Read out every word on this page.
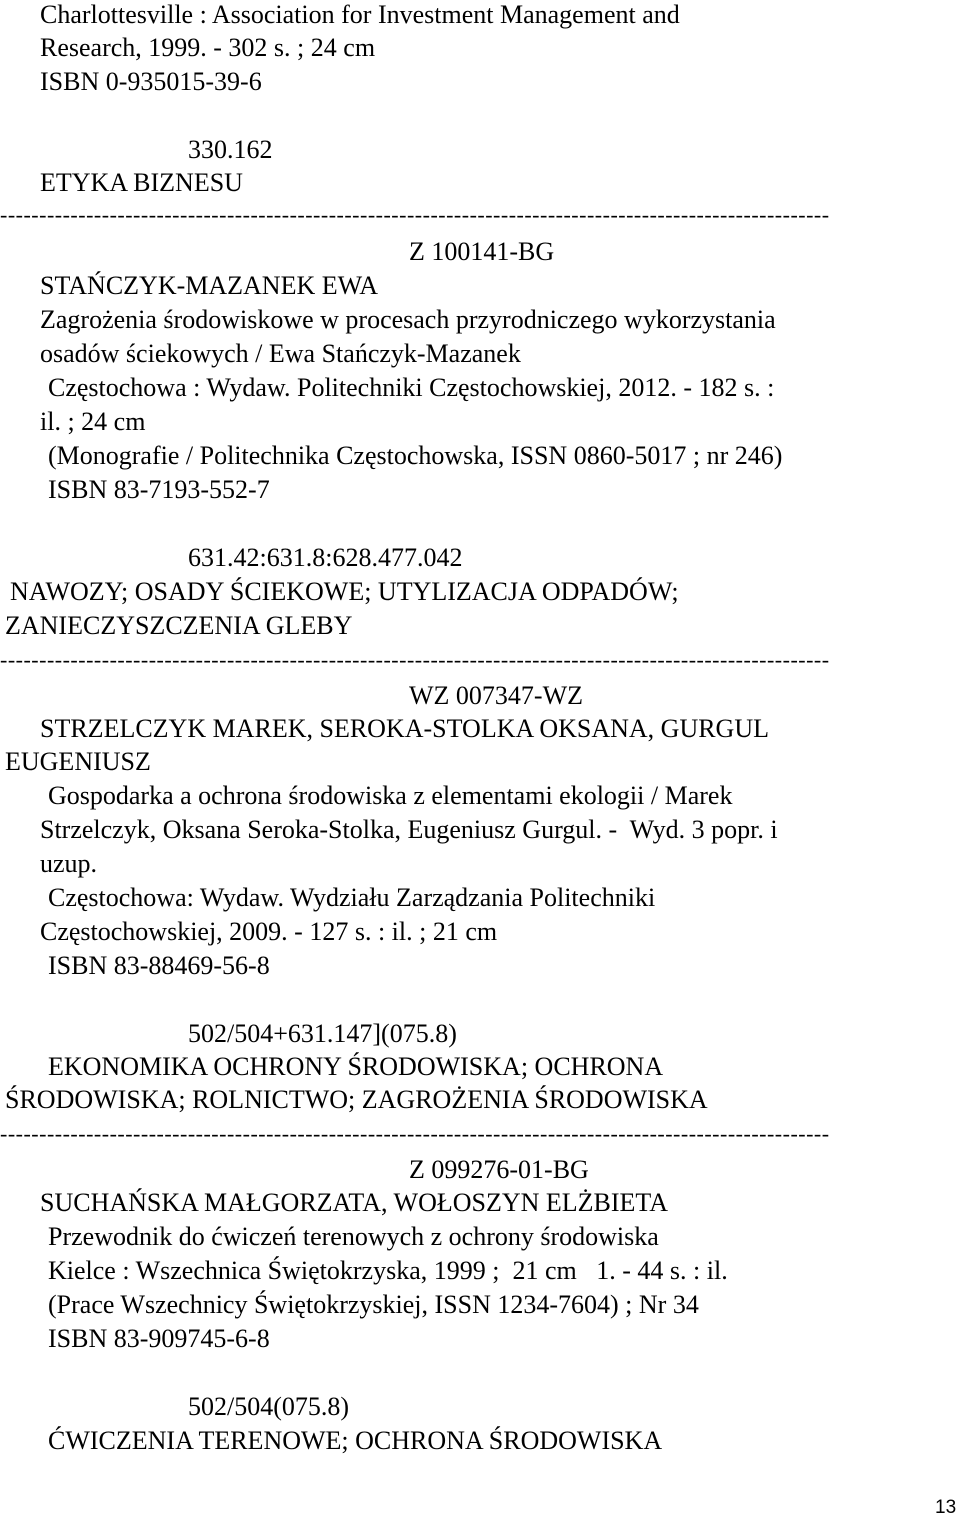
Charlottesville : Association for Investment Management and
Research, 1999. - 302 s. ; 24 cm
ISBN 0-935015-39-6
330.162
ETYKA BIZNESU
----------------------------------------------------------------------------------------------------------
Z 100141-BG
STAŃCZYK-MAZANEK EWA
Zagrożenia środowiskowe w procesach przyrodniczego wykorzystania
osadów ściekowych / Ewa Stańczyk-Mazanek
Częstochowa : Wydaw. Politechniki Częstochowskiej, 2012. - 182 s. :
il. ; 24 cm
(Monografie / Politechnika Częstochowska, ISSN 0860-5017 ; nr 246)
ISBN 83-7193-552-7
631.42:631.8:628.477.042
NAWOZY; OSADY ŚCIEKOWE; UTYLIZACJA ODPADÓW;
ZANIECZYSZCZENIA GLEBY
----------------------------------------------------------------------------------------------------------
WZ 007347-WZ
STRZELCZYK MAREK, SEROKA-STOLKA OKSANA, GURGUL
EUGENIUSZ
Gospodarka a ochrona środowiska z elementami ekologii / Marek
Strzelczyk, Oksana Seroka-Stolka, Eugeniusz Gurgul. -  Wyd. 3 popr. i
uzup.
Częstochowa: Wydaw. Wydziału Zarządzania Politechniki
Częstochowskiej, 2009. - 127 s. : il. ; 21 cm
ISBN 83-88469-56-8
502/504+631.147](075.8)
EKONOMIKA OCHRONY ŚRODOWISKA; OCHRONA
ŚRODOWISKA; ROLNICTWO; ZAGROŻENIA ŚRODOWISKA
----------------------------------------------------------------------------------------------------------
Z 099276-01-BG
SUCHAŃSKA MAŁGORZATA, WOŁOSZYN ELŻBIETA
Przewodnik do ćwiczeń terenowych z ochrony środowiska
Kielce : Wszechnica Świętokrzyska, 1999 ;  21 cm   1. - 44 s. : il.
(Prace Wszechnicy Świętokrzyskiej, ISSN 1234-7604) ; Nr 34
ISBN 83-909745-6-8
502/504(075.8)
ĆWICZENIA TERENOWE; OCHRONA ŚRODOWISKA
13
